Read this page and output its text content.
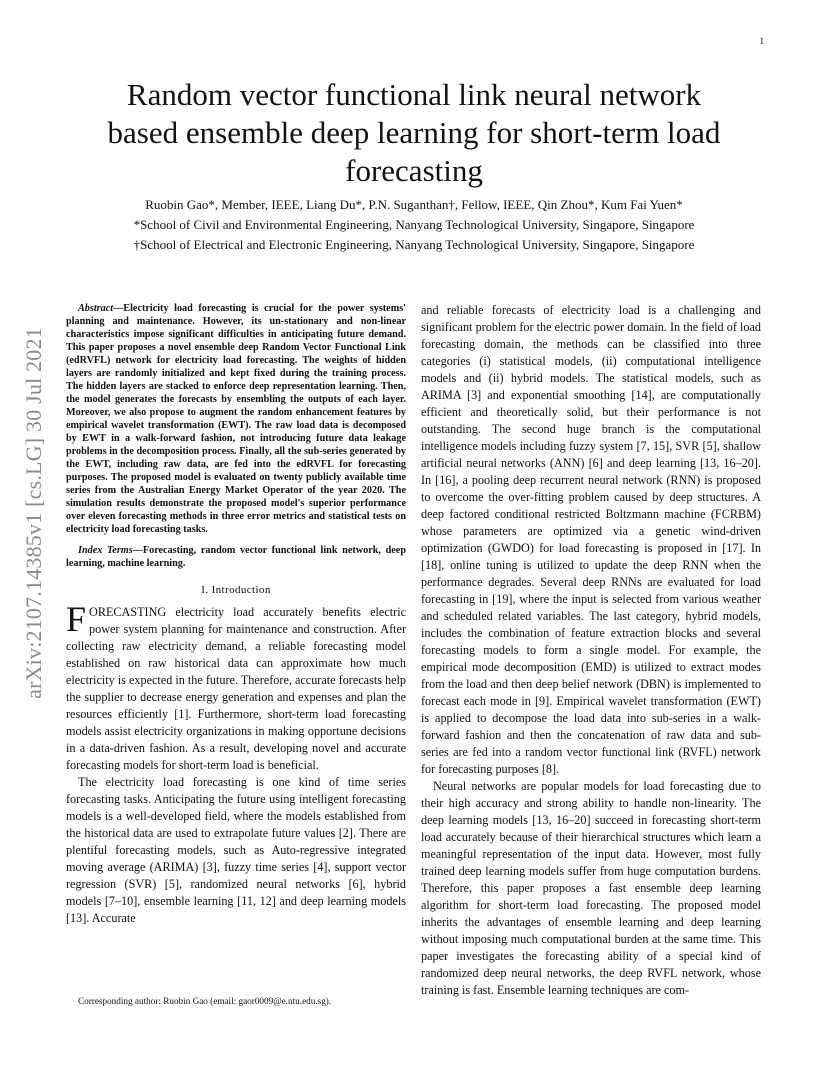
1
arXiv:2107.14385v1 [cs.LG] 30 Jul 2021
Random vector functional link neural network
based ensemble deep learning for short-term load
forecasting
Ruobin Gao*, Member, IEEE, Liang Du*, P.N. Suganthan†, Fellow, IEEE, Qin Zhou*, Kum Fai Yuen*
*School of Civil and Environmental Engineering, Nanyang Technological University, Singapore, Singapore
†School of Electrical and Electronic Engineering, Nanyang Technological University, Singapore, Singapore

Abstract—Electricity load forecasting is crucial for the power systems' planning and maintenance. However, its un-stationary and non-linear characteristics impose significant difficulties in anticipating future demand. This paper proposes a novel ensemble deep Random Vector Functional Link (edRVFL) network for electricity load forecasting. The weights of hidden layers are randomly initialized and kept fixed during the training process. The hidden layers are stacked to enforce deep representation learning. Then, the model generates the forecasts by ensembling the outputs of each layer. Moreover, we also propose to augment the random enhancement features by empirical wavelet transformation (EWT). The raw load data is decomposed by EWT in a walk-forward fashion, not introducing future data leakage problems in the decomposition process. Finally, all the sub-series generated by the EWT, including raw data, are fed into the edRVFL for forecasting purposes. The proposed model is evaluated on twenty publicly available time series from the Australian Energy Market Operator of the year 2020. The simulation results demonstrate the proposed model's superior performance over eleven forecasting methods in three error metrics and statistical tests on electricity load forecasting tasks.

Index Terms—Forecasting, random vector functional link network, deep learning, machine learning.

I. Introduction

FORECASTING electricity load accurately benefits electric power system planning for maintenance and construction. After collecting raw electricity demand, a reliable forecasting model established on raw historical data can approximate how much electricity is expected in the future. Therefore, accurate forecasts help the supplier to decrease energy generation and expenses and plan the resources efficiently [1]. Furthermore, short-term load forecasting models assist electricity organizations in making opportune decisions in a data-driven fashion. As a result, developing novel and accurate forecasting models for short-term load is beneficial.

The electricity load forecasting is one kind of time series forecasting tasks. Anticipating the future using intelligent forecasting models is a well-developed field, where the models established from the historical data are used to extrapolate future values [2]. There are plentiful forecasting models, such as Auto-regressive integrated moving average (ARIMA) [3], fuzzy time series [4], support vector regression (SVR) [5], randomized neural networks [6], hybrid models [7–10], ensemble learning [11, 12] and deep learning models [13]. Accurate

and reliable forecasts of electricity load is a challenging and significant problem for the electric power domain. In the field of load forecasting domain, the methods can be classified into three categories (i) statistical models, (ii) computational intelligence models and (ii) hybrid models. The statistical models, such as ARIMA [3] and exponential smoothing [14], are computationally efficient and theoretically solid, but their performance is not outstanding. The second huge branch is the computational intelligence models including fuzzy system [7, 15], SVR [5], shallow artificial neural networks (ANN) [6] and deep learning [13, 16–20]. In [16], a pooling deep recurrent neural network (RNN) is proposed to overcome the over-fitting problem caused by deep structures. A deep factored conditional restricted Boltzmann machine (FCRBM) whose parameters are optimized via a genetic wind-driven optimization (GWDO) for load forecasting is proposed in [17]. In [18], online tuning is utilized to update the deep RNN when the performance degrades. Several deep RNNs are evaluated for load forecasting in [19], where the input is selected from various weather and scheduled related variables. The last category, hybrid models, includes the combination of feature extraction blocks and several forecasting models to form a single model. For example, the empirical mode decomposition (EMD) is utilized to extract modes from the load and then deep belief network (DBN) is implemented to forecast each mode in [9]. Empirical wavelet transformation (EWT) is applied to decompose the load data into sub-series in a walk-forward fashion and then the concatenation of raw data and sub-series are fed into a random vector functional link (RVFL) network for forecasting purposes [8].

Neural networks are popular models for load forecasting due to their high accuracy and strong ability to handle non-linearity. The deep learning models [13, 16–20] succeed in forecasting short-term load accurately because of their hierarchical structures which learn a meaningful representation of the input data. However, most fully trained deep learning models suffer from huge computation burdens. Therefore, this paper proposes a fast ensemble deep learning algorithm for short-term load forecasting. The proposed model inherits the advantages of ensemble learning and deep learning without imposing much computational burden at the same time. This paper investigates the forecasting ability of a special kind of randomized deep neural networks, the deep RVFL network, whose training is fast. Ensemble learning techniques are com-

Corresponding author: Ruobin Gao (email: gaor0009@e.ntu.edu.sg).
